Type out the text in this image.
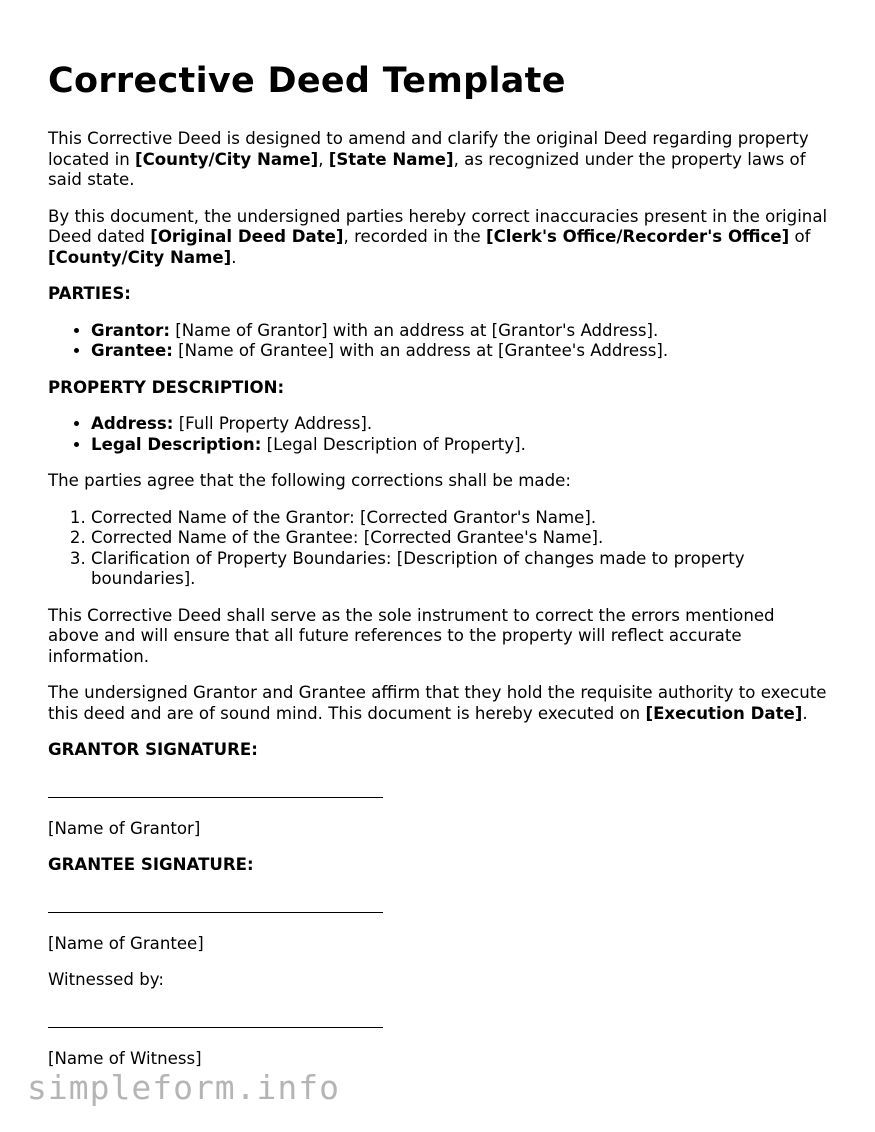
Corrective Deed Template

This Corrective Deed is designed to amend and clarify the original Deed regarding property located in [County/City Name], [State Name], as recognized under the property laws of said state.

By this document, the undersigned parties hereby correct inaccuracies present in the original Deed dated [Original Deed Date], recorded in the [Clerk's Office/Recorder's Office] of [County/City Name].

PARTIES:

• Grantor: [Name of Grantor] with an address at [Grantor's Address].
• Grantee: [Name of Grantee] with an address at [Grantee's Address].

PROPERTY DESCRIPTION:

• Address: [Full Property Address].
• Legal Description: [Legal Description of Property].

The parties agree that the following corrections shall be made:

1. Corrected Name of the Grantor: [Corrected Grantor's Name].
2. Corrected Name of the Grantee: [Corrected Grantee's Name].
3. Clarification of Property Boundaries: [Description of changes made to property boundaries].

This Corrective Deed shall serve as the sole instrument to correct the errors mentioned above and will ensure that all future references to the property will reflect accurate information.

The undersigned Grantor and Grantee affirm that they hold the requisite authority to execute this deed and are of sound mind. This document is hereby executed on [Execution Date].

GRANTOR SIGNATURE:

[Name of Grantor]

GRANTEE SIGNATURE:

[Name of Grantee]

Witnessed by:

[Name of Witness]

simpleform.info
